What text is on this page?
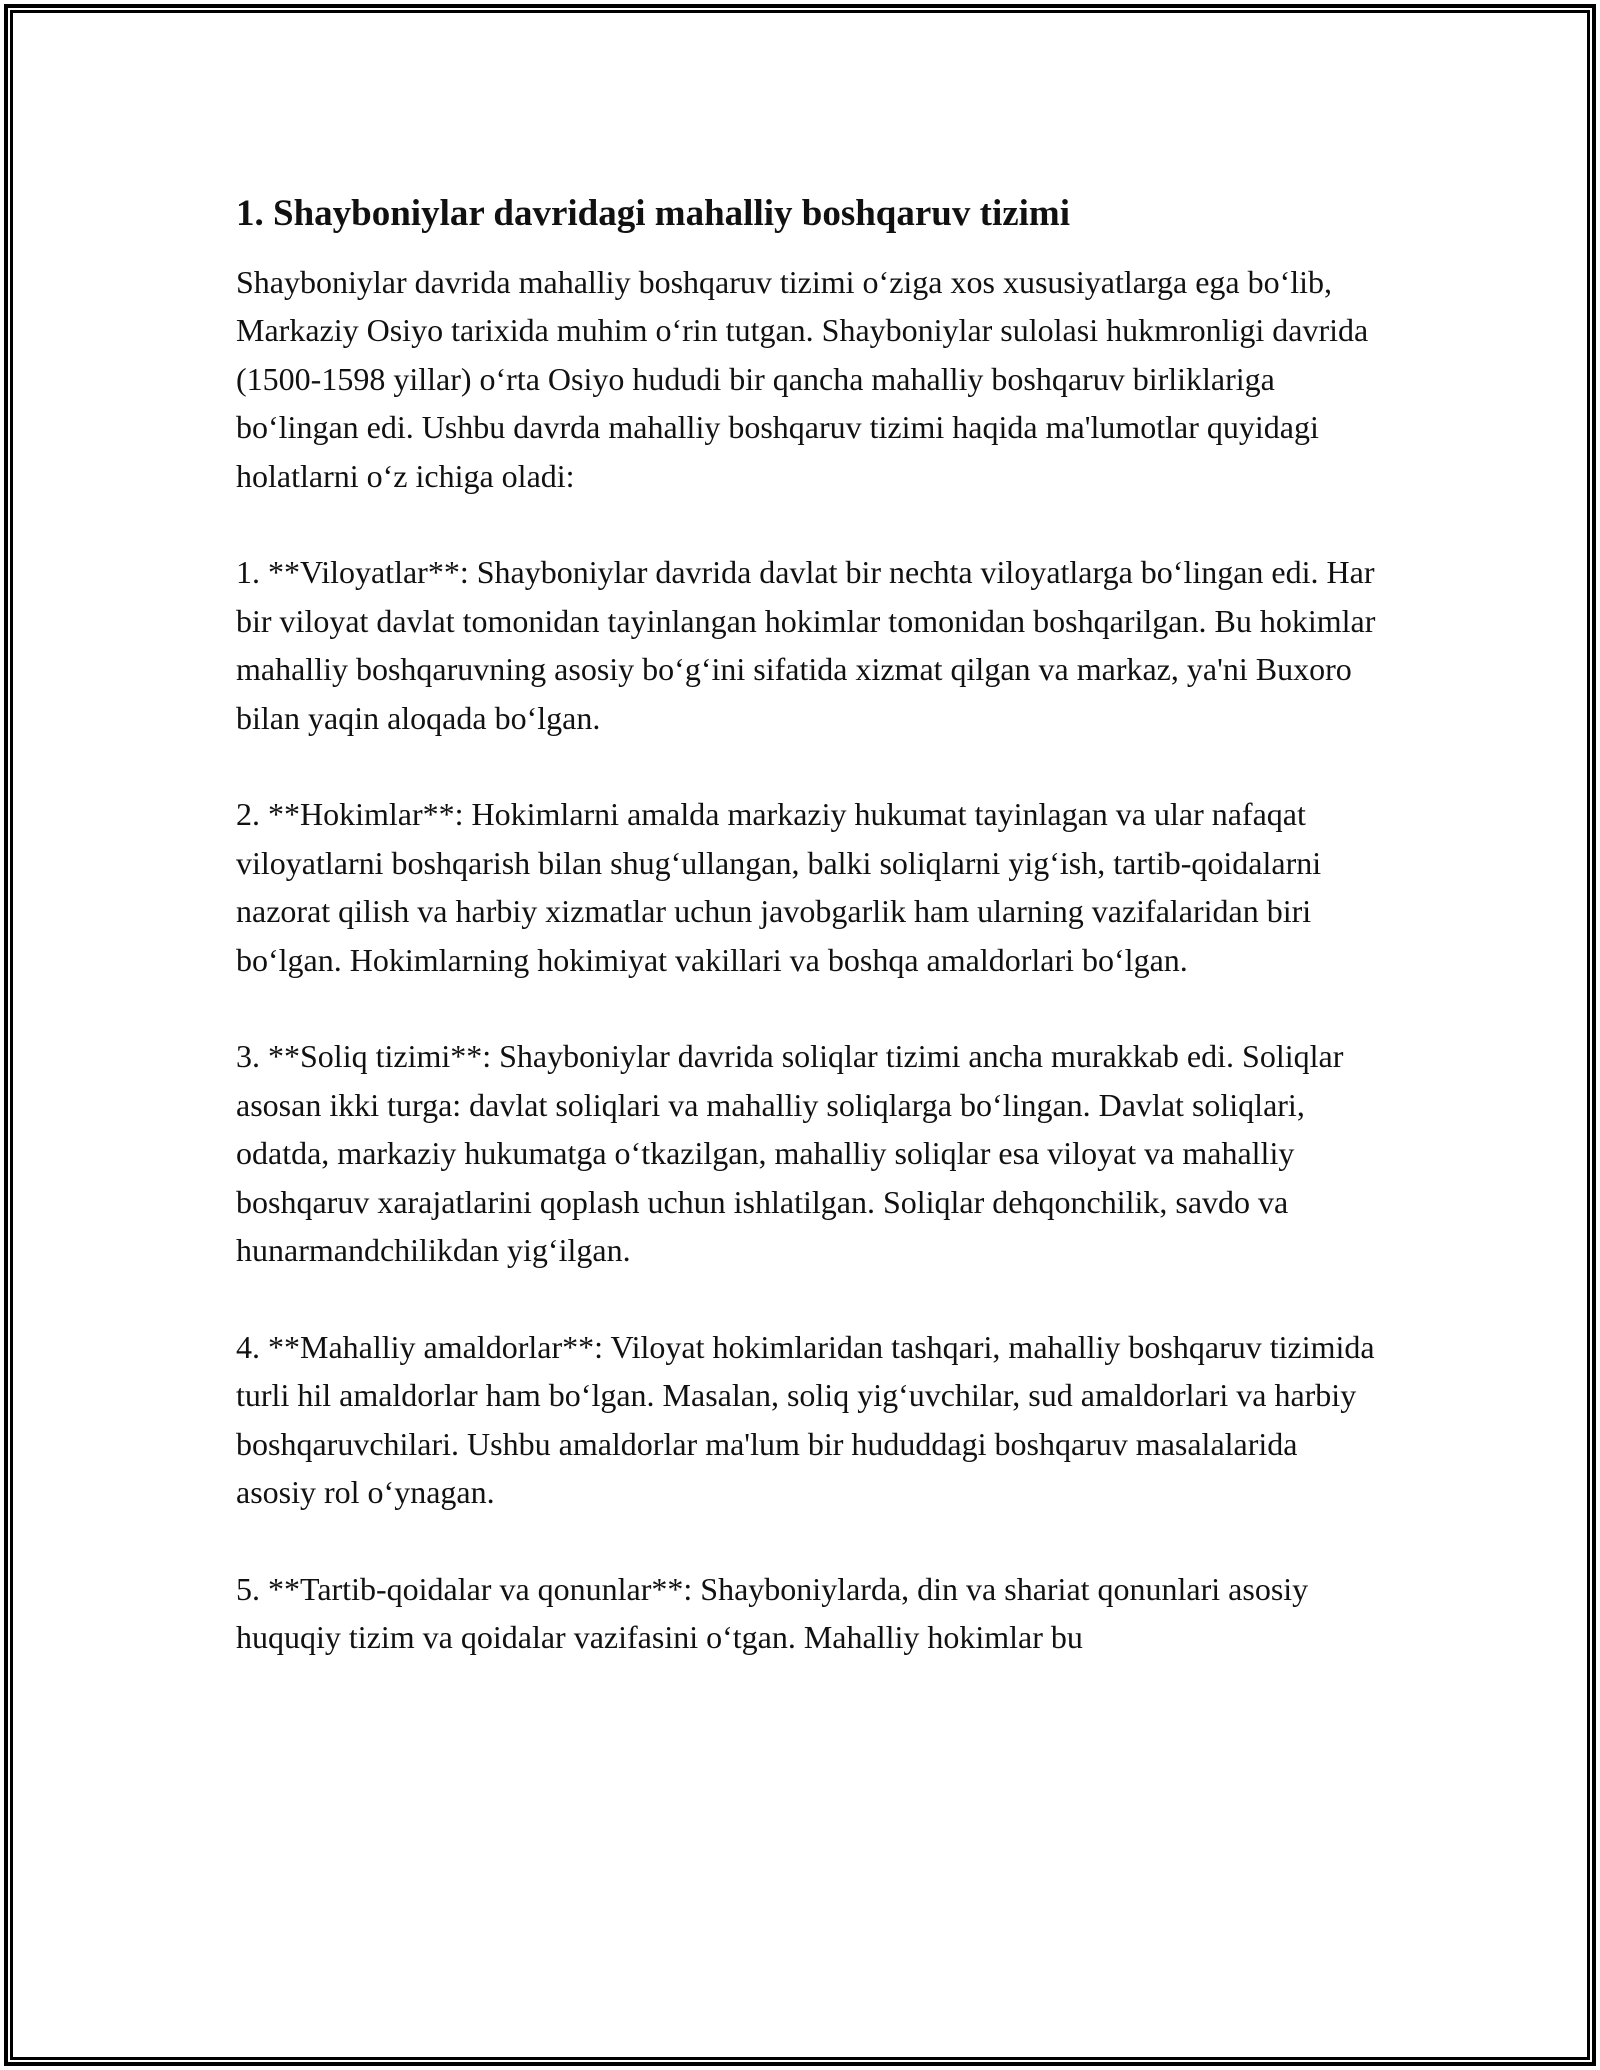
1. Shayboniylar davridagi mahalliy boshqaruv tizimi

Shayboniylar davrida mahalliy boshqaruv tizimi o‘ziga xos xususiyatlarga ega bo‘lib, Markaziy Osiyo tarixida muhim o‘rin tutgan. Shayboniylar sulolasi hukmronligi davrida (1500-1598 yillar) o‘rta Osiyo hududi bir qancha mahalliy boshqaruv birliklariga bo‘lingan edi. Ushbu davrda mahalliy boshqaruv tizimi haqida ma'lumotlar quyidagi holatlarni o‘z ichiga oladi:

1. **Viloyatlar**: Shayboniylar davrida davlat bir nechta viloyatlarga bo‘lingan edi. Har bir viloyat davlat tomonidan tayinlangan hokimlar tomonidan boshqarilgan. Bu hokimlar mahalliy boshqaruvning asosiy bo‘g‘ini sifatida xizmat qilgan va markaz, ya'ni Buxoro bilan yaqin aloqada bo‘lgan.

2. **Hokimlar**: Hokimlarni amalda markaziy hukumat tayinlagan va ular nafaqat viloyatlarni boshqarish bilan shug‘ullangan, balki soliqlarni yig‘ish, tartib-qoidalarni nazorat qilish va harbiy xizmatlar uchun javobgarlik ham ularning vazifalaridan biri bo‘lgan. Hokimlarning hokimiyat vakillari va boshqa amaldorlari bo‘lgan.

3. **Soliq tizimi**: Shayboniylar davrida soliqlar tizimi ancha murakkab edi. Soliqlar asosan ikki turga: davlat soliqlari va mahalliy soliqlarga bo‘lingan. Davlat soliqlari, odatda, markaziy hukumatga o‘tkazilgan, mahalliy soliqlar esa viloyat va mahalliy boshqaruv xarajatlarini qoplash uchun ishlatilgan. Soliqlar dehqonchilik, savdo va hunarmandchilikdan yig‘ilgan.

4. **Mahalliy amaldorlar**: Viloyat hokimlaridan tashqari, mahalliy boshqaruv tizimida turli hil amaldorlar ham bo‘lgan. Masalan, soliq yig‘uvchilar, sud amaldorlari va harbiy boshqaruvchilari. Ushbu amaldorlar ma'lum bir hududdagi boshqaruv masalalarida asosiy rol o‘ynagan.

5. **Tartib-qoidalar va qonunlar**: Shayboniylarda, din va shariat qonunlari asosiy huquqiy tizim va qoidalar vazifasini o‘tgan. Mahalliy hokimlar bu
